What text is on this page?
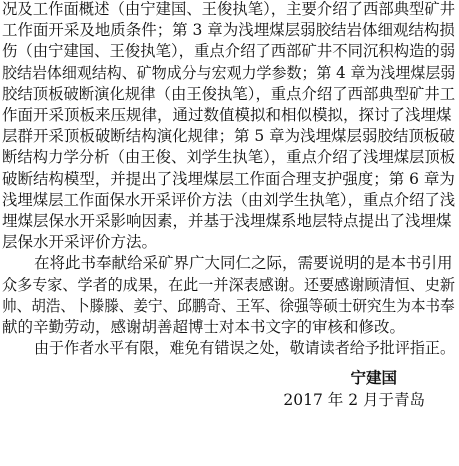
况及工作面概述（由宁建国、王俊执笔），主要介绍了西部典型矿井
工作面开采及地质条件；第 3 章为浅埋煤层弱胶结岩体细观结构损
伤（由宁建国、王俊执笔），重点介绍了西部矿井不同沉积构造的弱
胶结岩体细观结构、矿物成分与宏观力学参数；第 4 章为浅埋煤层弱
胶结顶板破断演化规律（由王俊执笔），重点介绍了西部典型矿井工
作面开采顶板来压规律，通过数值模拟和相似模拟，探讨了浅埋煤
层群开采顶板破断结构演化规律；第 5 章为浅埋煤层弱胶结顶板破
断结构力学分析（由王俊、刘学生执笔），重点介绍了浅埋煤层顶板
破断结构模型，并提出了浅埋煤层工作面合理支护强度；第 6 章为
浅埋煤层工作面保水开采评价方法（由刘学生执笔），重点介绍了浅
埋煤层保水开采影响因素，并基于浅埋煤系地层特点提出了浅埋煤
层保水开采评价方法。
在将此书奉献给采矿界广大同仁之际，需要说明的是本书引用
众多专家、学者的成果，在此一并深表感谢。还要感谢顾清恒、史新
帅、胡浩、卜滕滕、姜宁、邱鹏奇、王军、徐强等硕士研究生为本书奉
献的辛勤劳动，感谢胡善超博士对本书文字的审核和修改。
由于作者水平有限，难免有错误之处，敬请读者给予批评指正。
宁建国
2017 年 2 月于青岛
